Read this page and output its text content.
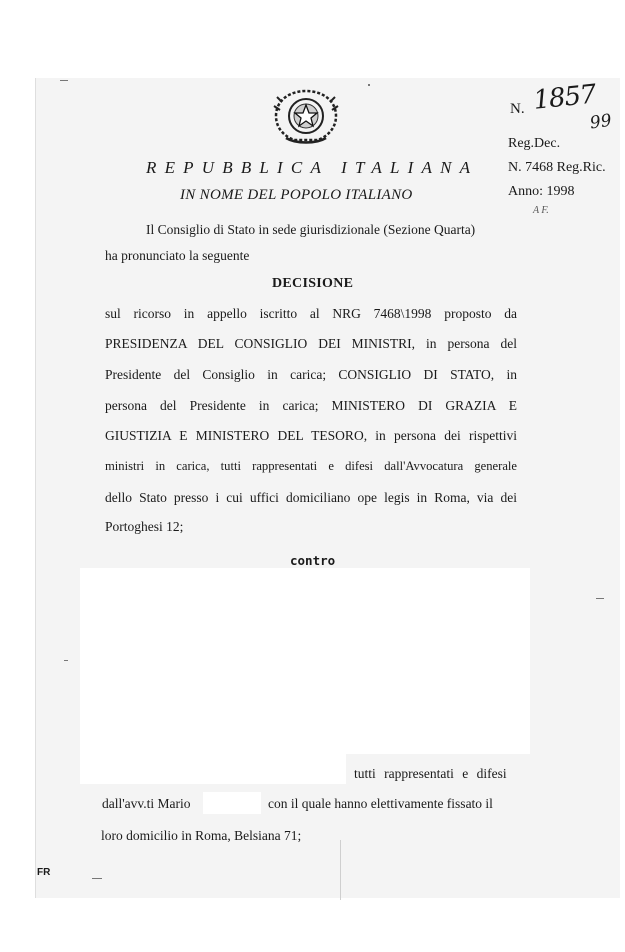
N. 1857
99
Reg.Dec.
N. 7468 Reg.Ric.
Anno: 1998
A F.
REPUBBLICA ITALIANA
IN NOME DEL POPOLO ITALIANO
Il Consiglio di Stato in sede giurisdizionale (Sezione Quarta)
ha pronunciato la seguente
DECISIONE
sul ricorso in appello iscritto al NRG 7468\1998 proposto da
PRESIDENZA DEL CONSIGLIO DEI MINISTRI, in persona del
Presidente del Consiglio in carica; CONSIGLIO DI STATO, in
persona del Presidente in carica; MINISTERO DI GRAZIA E
GIUSTIZIA E MINISTERO DEL TESORO, in persona dei rispettivi
ministri in carica, tutti rappresentati e difesi dall'Avvocatura generale
dello Stato presso i cui uffici domiciliano ope legis in Roma, via dei
Portoghesi 12;
contro
tutti rappresentati e difesi
dall'avv.ti Mario	con il quale hanno elettivamente fissato il
loro domicilio in Roma, Belsiana 71;
FR
